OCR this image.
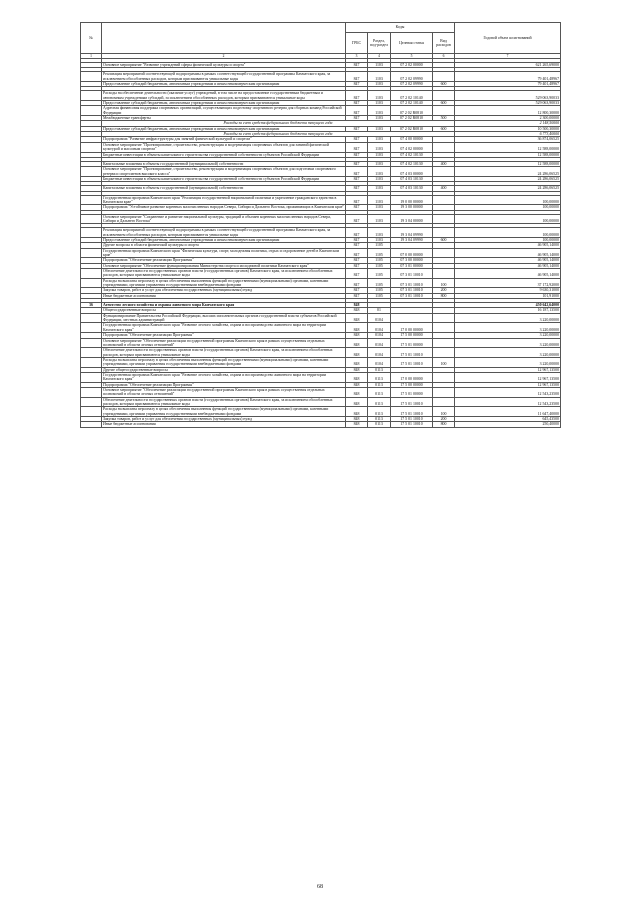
№		Коды				Годовой объем ассигнований
		ГРБС	Раздел, под-раздел	Целевая статья	Вид расходов	
1	2	3	4	5	6	7

	Основное мероприятие "Развитие учреждений сферы физической культуры и спорта"	847	1103	07 2 02 00000		621 265,69000

	Реализация мероприятий соответствующей подпрограммы в рамках соответствующей государственной программы Камчатского края, за исключением обособленных расходов, которым присваиваются уникальные коды	847	1103	07 2 02 09990		79 401,48967
	Предоставление субсидий бюджетным, автономным учреждениям и иным некоммерческим организациям	847	1103	07 2 02 09990	600	79 401,48967

	Расходы на обеспечение деятельности (оказание услуг) учреждений, в том числе на предоставление государственным бюджетным и автономным учреждениям субсидий, за исключением обособленных расходов, которым присваиваются уникальные коды	847	1103	07 2 02 10140		529 063,90033
	Предоставление субсидий бюджетным, автономным учреждениям и иным некоммерческим организациям	847	1103	07 2 02 10140	600	529 063,90033
	Адресная финансовая поддержка спортивных организаций, осуществляющих подготовку спортивного резерва для сборных команд Российской Федерации	847	1103	07 2 02 R0810		12 800,30000
	Межбюджетные трансферты	847	1103	07 2 02 R0810	500	2 300,00000
	Расходы за счет средств федерального бюджета текущего года					2 148,50000
	Предоставление субсидий бюджетным, автономным учреждениям и иным некоммерческим организациям	847	1103	07 2 02 R0810	600	10 500,30000
	Расходы за счет средств федерального бюджета текущего года					6 773,40000
	Подпрограмма "Развитие инфраструктуры для занятий физической культурой и спортом"	847	1103	07 4 00 00000		36 874,06525
	Основное мероприятие "Проектирование, строительство, реконструкция и модернизация спортивных объектов для занятий физической культурой и массовым спортом"	847	1103	07 4 02 00000		12 588,00000
	Бюджетные инвестиции в объекты капитального строительства государственной собственности субъектов Российской Федерации	847	1103	07 4 02 10130		12 588,00000

	Капитальные вложения в объекты государственной (муниципальной) собственности	847	1103	07 4 02 10130	400	12 588,00000
	Основное мероприятие "Проектирование, строительство, реконструкция и модернизация спортивных объектов для подготовки спортивного резерва и спортсменов высокого класса"	847	1103	07 4 03 00000		24 286,06525
	Бюджетные инвестиции в объекты капитального строительства государственной собственности субъектов Российской Федерации	847	1103	07 4 03 10130		24 286,06525

	Капитальные вложения в объекты государственной (муниципальной) собственности	847	1103	07 4 03 10130	400	24 286,06525

	Государственная программа Камчатского края "Реализация государственной национальной политики и укрепление гражданского единства в Камчатском крае"	847	1103	19 0 00 00000		100,00000
	Подпрограмма "Устойчивое развитие коренных малочисленных народов Севера, Сибири и Дальнего Востока, проживающих в Камчатском крае"	847	1103	19 3 00 00000		100,00000

	Основное мероприятие "Сохранение и развитие национальной культуры, традиций и обычаев коренных малочисленных народов Севера, Сибири и Дальнего Востока"	847	1103	19 3 04 00000		100,00000

	Реализация мероприятий соответствующей подпрограммы в рамках соответствующей государственной программы Камчатского края, за исключением обособленных расходов, которым присваиваются уникальные коды	847	1103	19 3 04 09990		100,00000
	Предоставление субсидий бюджетным, автономным учреждениям и иным некоммерческим организациям	847	1103	19 3 04 09990	600	100,00000
	Другие вопросы в области физической культуры и спорта	847	1105			46 905,14000
	Государственная программа Камчатского края "Физическая культура, спорт, молодежная политика, отдых и оздоровление детей в Камчатском крае"	847	1105	07 0 00 00000		46 905,14000
	Подпрограмма "Обеспечение реализации Программы"	847	1105	07 3 00 00000		46 905,14000
	Основное мероприятие "Обеспечение функционирования Министерства спорта и молодежной политики Камчатского края"	847	1105	07 3 01 00000		46 905,14000
	Обеспечение деятельности государственных органов власти (государственных органов) Камчатского края, за исключением обособленных расходов, которым присваиваются уникальные коды	847	1105	07 3 01 10010		46 905,14000
	Расходы на выплаты персоналу в целях обеспечения выполнения функций государственными (муниципальными) органами, казенными учреждениями, органами управления государственными внебюджетными фондами	847	1105	07 3 01 10010	100	37 172,92000
	Закупка товаров, работ и услуг для обеспечения государственных (муниципальных) нужд	847	1105	07 3 01 10010	200	9 630,31000
	Иные бюджетные ассигнования	847	1105	07 3 01 10010	800	101,91000

36	Агентство лесного хозяйства и охраны животного мира Камчатского края	848				450 642,64000
	Общегосударственные вопросы	848	01			16 187,13500
	Функционирование Правительства Российской Федерации, высших исполнительных органов государственной власти субъектов Российской Федерации, местных администраций	848	0104			3 220,00000
	Государственная программа Камчатского края "Развитие лесного хозяйства, охрана и воспроизводство животного мира на территории Камчатского края"	848	0104	17 0 00 00000		3 220,00000
	Подпрограмма "Обеспечение реализации Программы"	848	0104	17 5 00 00000		3 220,00000
	Основное мероприятие "Обеспечение реализации государственной программы Камчатского края в рамках осуществления отдельных полномочий в области лесных отношений"	848	0104	17 5 01 00000		3 220,00000
	Обеспечение деятельности государственных органов власти (государственных органов) Камчатского края, за исключением обособленных расходов, которым присваиваются уникальные коды	848	0104	17 5 01 10010		3 220,00000
	Расходы на выплаты персоналу в целях обеспечения выполнения функций государственными (муниципальными) органами, казенными учреждениями, органами управления государственными внебюджетными фондами	848	0104	17 5 01 10010	100	3 220,00000
	Другие общегосударственные вопросы	848	0113			12 967,13500
	Государственная программа Камчатского края "Развитие лесного хозяйства, охрана и воспроизводство животного мира на территории Камчатского края"	848	0113	17 0 00 00000		12 967,13500
	Подпрограмма "Обеспечение реализации Программы"	848	0113	17 5 00 00000		12 967,13500
	Основное мероприятие "Обеспечение реализации государственной программы Камчатского края в рамках осуществления отдельных полномочий в области лесных отношений"	848	0113	17 5 01 00000		12 543,23500
	Обеспечение деятельности государственных органов власти (государственных органов) Камчатского края, за исключением обособленных расходов, которым присваиваются уникальные коды	848	0113	17 5 01 10010		12 543,23500
	Расходы на выплаты персоналу в целях обеспечения выполнения функций государственными (муниципальными) органами, казенными учреждениями, органами управления государственными внебюджетными фондами	848	0113	17 5 01 10010	100	11 647,40000
	Закупка товаров, работ и услуг для обеспечения государственных (муниципальных) нужд	848	0113	17 5 01 10010	200	645,43500
	Иные бюджетные ассигнования	848	0113	17 5 01 10010	800	250,40000
68
